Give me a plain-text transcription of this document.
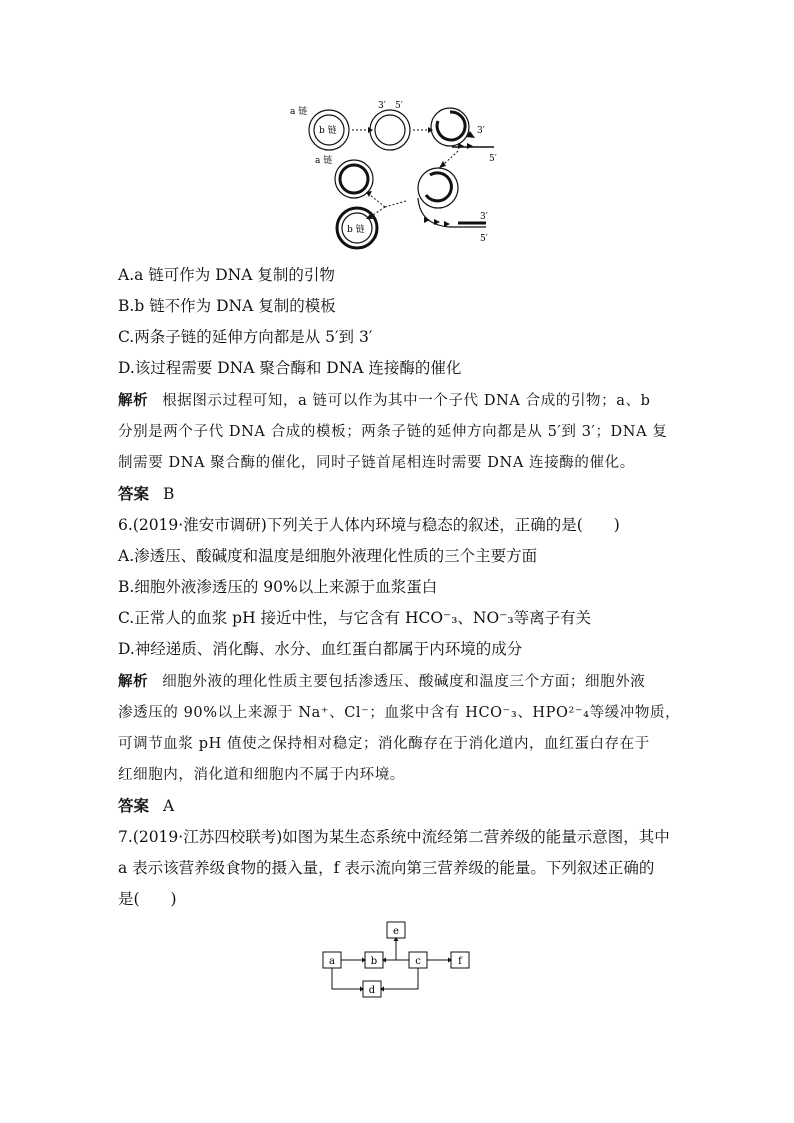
a 链
b 链
3′ 5′
3′
5′
3′
5′
a 链
b 链
A.a 链可作为 DNA 复制的引物
B.b 链不作为 DNA 复制的模板
C.两条子链的延伸方向都是从 5′到 3′
D.该过程需要 DNA 聚合酶和 DNA 连接酶的催化
解析 根据图示过程可知，a 链可以作为其中一个子代 DNA 合成的引物；a、b
分别是两个子代 DNA 合成的模板；两条子链的延伸方向都是从 5′到 3′；DNA 复
制需要 DNA 聚合酶的催化，同时子链首尾相连时需要 DNA 连接酶的催化。
答案 B
6.(2019·淮安市调研)下列关于人体内环境与稳态的叙述，正确的是(　　)
A.渗透压、酸碱度和温度是细胞外液理化性质的三个主要方面
B.细胞外液渗透压的 90%以上来源于血浆蛋白
C.正常人的血浆 pH 接近中性，与它含有 HCO⁻₃、NO⁻₃等离子有关
D.神经递质、消化酶、水分、血红蛋白都属于内环境的成分
解析 细胞外液的理化性质主要包括渗透压、酸碱度和温度三个方面；细胞外液
渗透压的 90%以上来源于 Na⁺、Cl⁻；血浆中含有 HCO⁻₃、HPO²⁻₄等缓冲物质，
可调节血浆 pH 值使之保持相对稳定；消化酶存在于消化道内，血红蛋白存在于
红细胞内，消化道和细胞内不属于内环境。
答案 A
7.(2019·江苏四校联考)如图为某生态系统中流经第二营养级的能量示意图，其中
a 表示该营养级食物的摄入量，f 表示流向第三营养级的能量。下列叙述正确的
是(　　)
a	b	c
d
e
f
